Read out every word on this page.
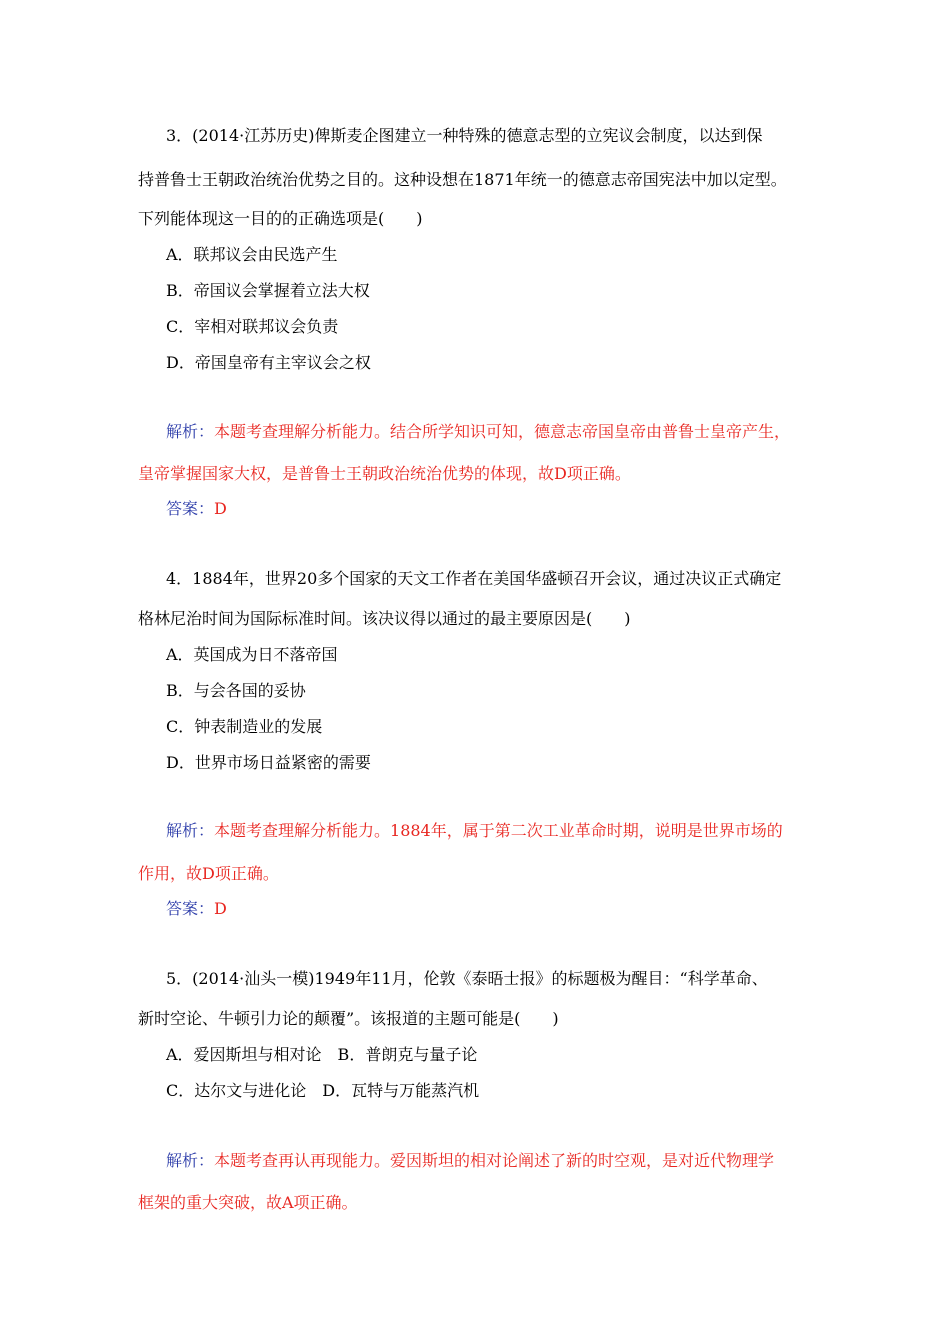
3．(2014·江苏历史)俾斯麦企图建立一种特殊的德意志型的立宪议会制度，以达到保
持普鲁士王朝政治统治优势之目的。这种设想在1871年统一的德意志帝国宪法中加以定型。
下列能体现这一目的的正确选项是(　　)
A．联邦议会由民选产生
B．帝国议会掌握着立法大权
C．宰相对联邦议会负责
D．帝国皇帝有主宰议会之权
解析：本题考查理解分析能力。结合所学知识可知，德意志帝国皇帝由普鲁士皇帝产生，
皇帝掌握国家大权，是普鲁士王朝政治统治优势的体现，故D项正确。
答案：D
4．1884年，世界20多个国家的天文工作者在美国华盛顿召开会议，通过决议正式确定
格林尼治时间为国际标准时间。该决议得以通过的最主要原因是(　　)
A．英国成为日不落帝国
B．与会各国的妥协
C．钟表制造业的发展
D．世界市场日益紧密的需要
解析：本题考查理解分析能力。1884年，属于第二次工业革命时期，说明是世界市场的
作用，故D项正确。
答案：D
5．(2014·汕头一模)1949年11月，伦敦《泰晤士报》的标题极为醒目：“科学革命、
新时空论、牛顿引力论的颠覆”。该报道的主题可能是(　　)
A．爱因斯坦与相对论　B．普朗克与量子论
C．达尔文与进化论　D．瓦特与万能蒸汽机
解析：本题考查再认再现能力。爱因斯坦的相对论阐述了新的时空观，是对近代物理学
框架的重大突破，故A项正确。
